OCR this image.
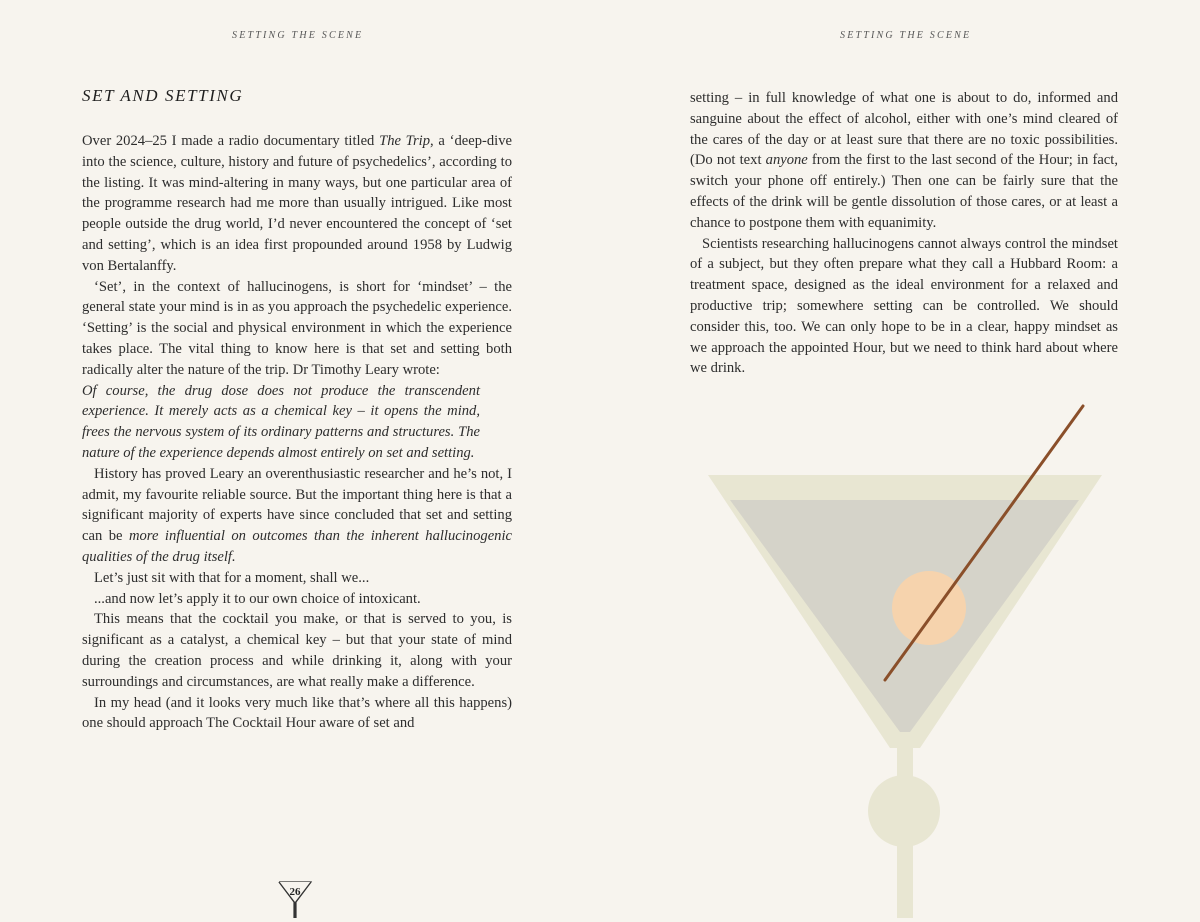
SETTING THE SCENE
SET AND SETTING

Over 2024–25 I made a radio documentary titled The Trip, a ‘deep-dive into the science, culture, history and future of psychedelics’, according to the listing. It was mind-altering in many ways, but one particular area of the programme research had me more than usually intrigued. Like most people outside the drug world, I’d never encountered the concept of ‘set and setting’, which is an idea first propounded around 1958 by Ludwig von Bertalanffy.

‘Set’, in the context of hallucinogens, is short for ‘mindset’ – the general state your mind is in as you approach the psychedelic experience. ‘Setting’ is the social and physical environment in which the experience takes place. The vital thing to know here is that set and setting both radically alter the nature of the trip. Dr Timothy Leary wrote:

Of course, the drug dose does not produce the transcendent experience. It merely acts as a chemical key – it opens the mind, frees the nervous system of its ordinary patterns and structures. The nature of the experience depends almost entirely on set and setting.

History has proved Leary an overenthusiastic researcher and he’s not, I admit, my favourite reliable source. But the important thing here is that a significant majority of experts have since concluded that set and setting can be more influential on outcomes than the inherent hallucinogenic qualities of the drug itself.

Let’s just sit with that for a moment, shall we...

...and now let’s apply it to our own choice of intoxicant.

This means that the cocktail you make, or that is served to you, is significant as a catalyst, a chemical key – but that your state of mind during the creation process and while drinking it, along with your surroundings and circumstances, are what really make a difference.

In my head (and it looks very much like that’s where all this happens) one should approach The Cocktail Hour aware of set and

26
SETTING THE SCENE

setting – in full knowledge of what one is about to do, informed and sanguine about the effect of alcohol, either with one’s mind cleared of the cares of the day or at least sure that there are no toxic possibilities. (Do not text anyone from the first to the last second of the Hour; in fact, switch your phone off entirely.) Then one can be fairly sure that the effects of the drink will be gentle dissolution of those cares, or at least a chance to postpone them with equanimity.

Scientists researching hallucinogens cannot always control the mindset of a subject, but they often prepare what they call a Hubbard Room: a treatment space, designed as the ideal environment for a relaxed and productive trip; somewhere setting can be controlled. We should consider this, too. We can only hope to be in a clear, happy mindset as we approach the appointed Hour, but we need to think hard about where we drink.
